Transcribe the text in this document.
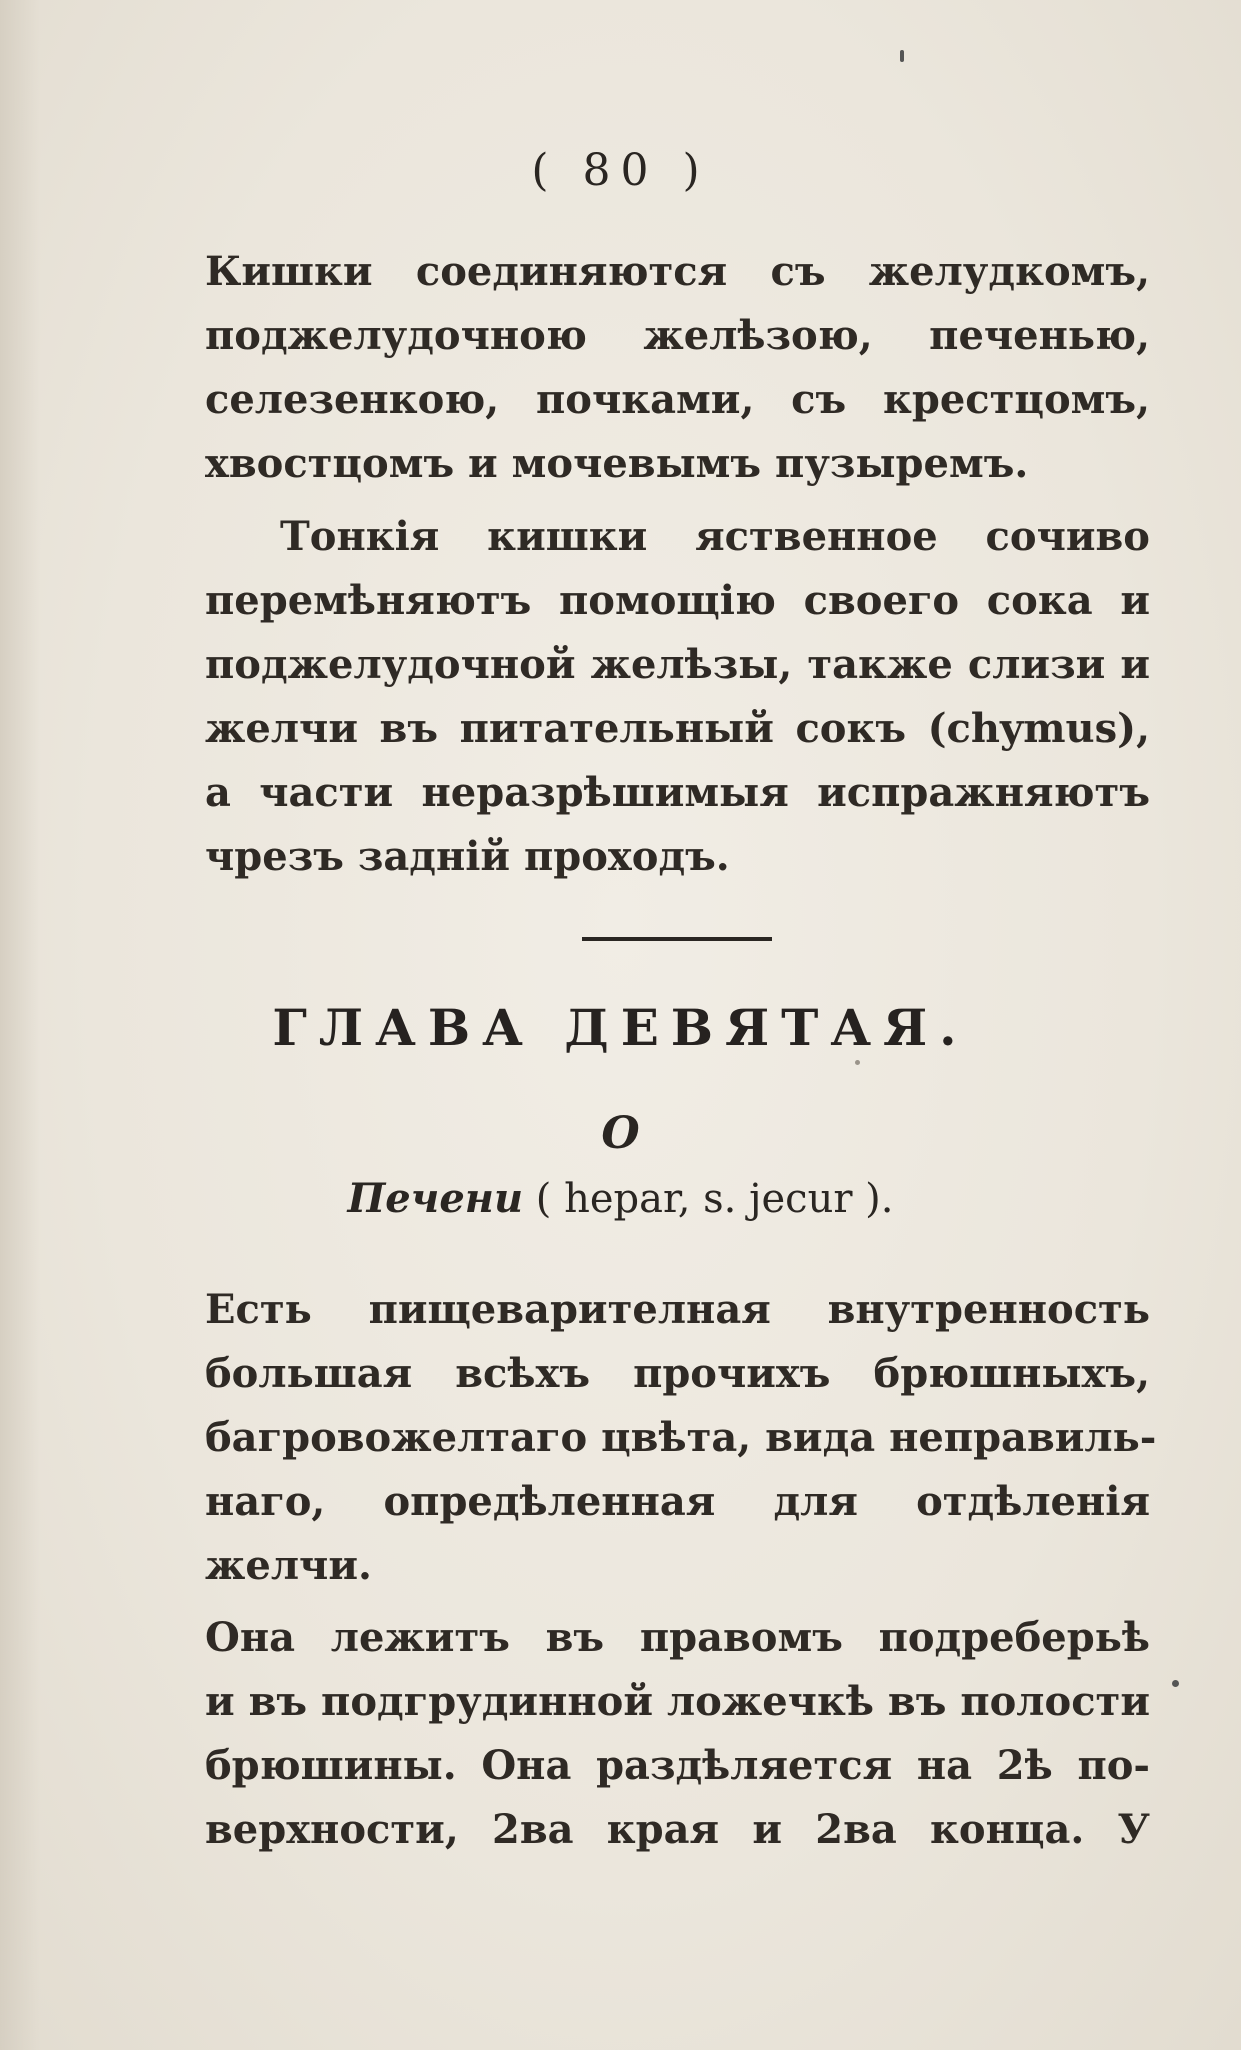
( 80 )
Кишки соединяются съ желудкомъ,
поджелудочною желѣзою, печенью,
селезенкою, почками, съ крестцомъ,
хвостцомъ и мочевымъ пузыремъ.
Тонкія кишки яственное сочиво
перемѣняютъ помощію своего сока и
поджелудочной желѣзы, также слизи и
желчи въ питательный сокъ (chymus),
а части неразрѣшимыя испражняютъ
чрезъ заднiй проходъ.
ГЛАВА ДЕВЯТАЯ.
О
Печени ( hepar, s. jecur ).
Есть пищеварителная внутренность
большая всѣхъ прочихъ брюшныхъ,
багровожелтаго цвѣта, вида неправиль-
наго, опредѣленная для отдѣленія
желчи.
Она лежитъ въ правомъ подреберьѣ
и въ подгрудинной ложечкѣ въ полости
брюшины. Она раздѣляется на 2ѣ по-
верхности, 2ва края и 2ва конца. У
